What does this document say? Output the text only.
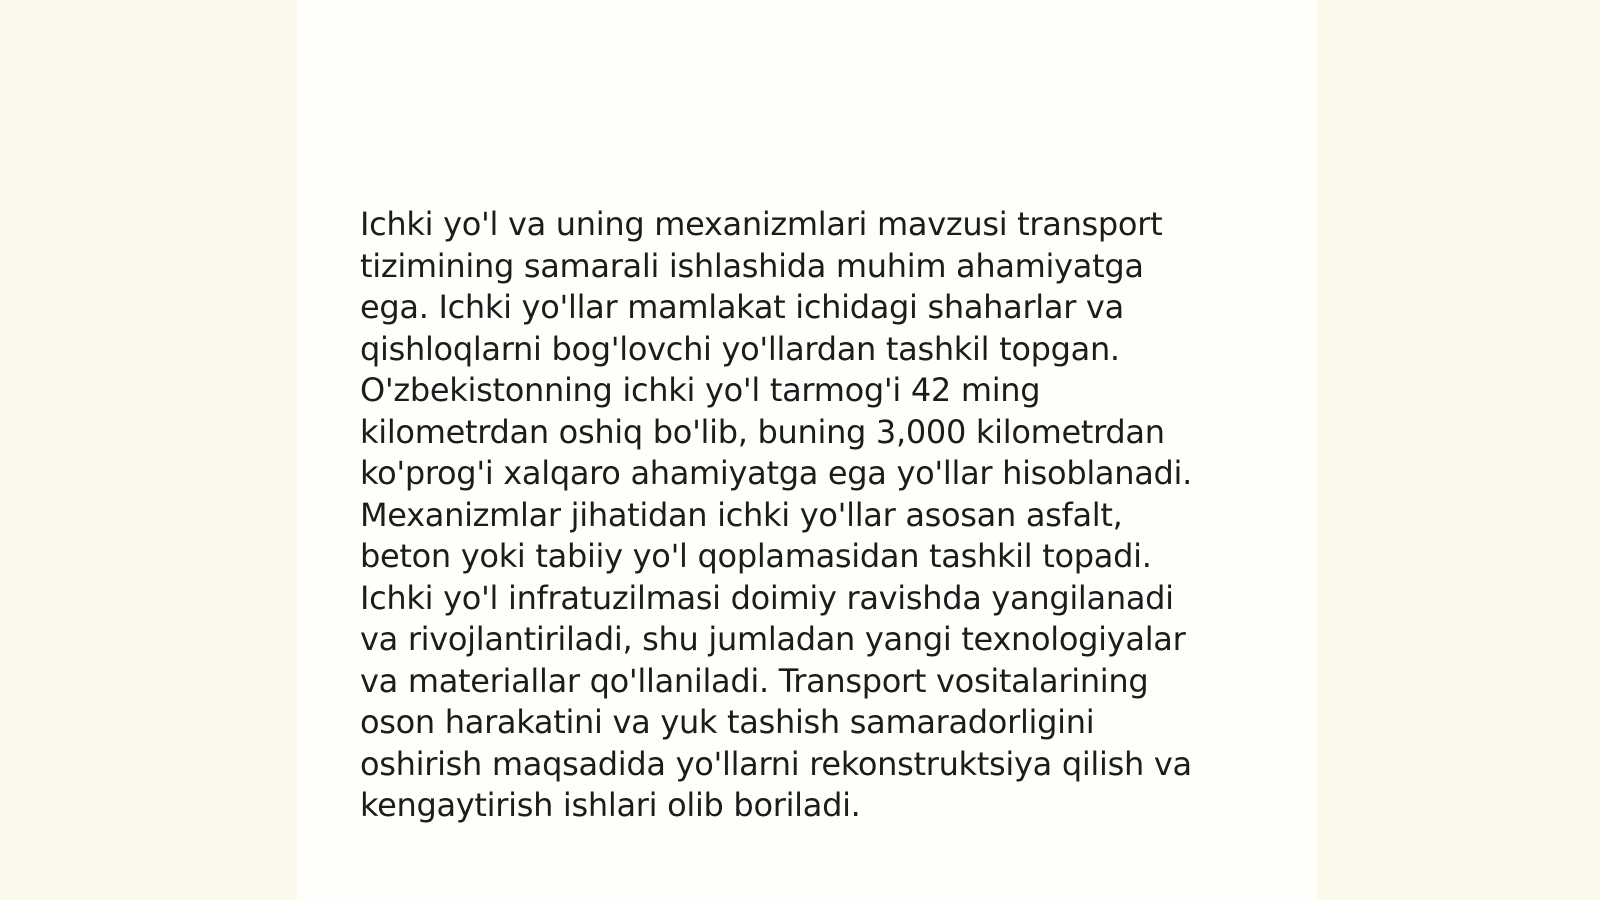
Ichki yo'l va uning mexanizmlari mavzusi transport
tizimining samarali ishlashida muhim ahamiyatga
ega. Ichki yo'llar mamlakat ichidagi shaharlar va
qishloqlarni bog'lovchi yo'llardan tashkil topgan.
O'zbekistonning ichki yo'l tarmog'i 42 ming
kilometrdan oshiq bo'lib, buning 3,000 kilometrdan
ko'prog'i xalqaro ahamiyatga ega yo'llar hisoblanadi.
Mexanizmlar jihatidan ichki yo'llar asosan asfalt,
beton yoki tabiiy yo'l qoplamasidan tashkil topadi.
Ichki yo'l infratuzilmasi doimiy ravishda yangilanadi
va rivojlantiriladi, shu jumladan yangi texnologiyalar
va materiallar qo'llaniladi. Transport vositalarining
oson harakatini va yuk tashish samaradorligini
oshirish maqsadida yo'llarni rekonstruktsiya qilish va
kengaytirish ishlari olib boriladi.
